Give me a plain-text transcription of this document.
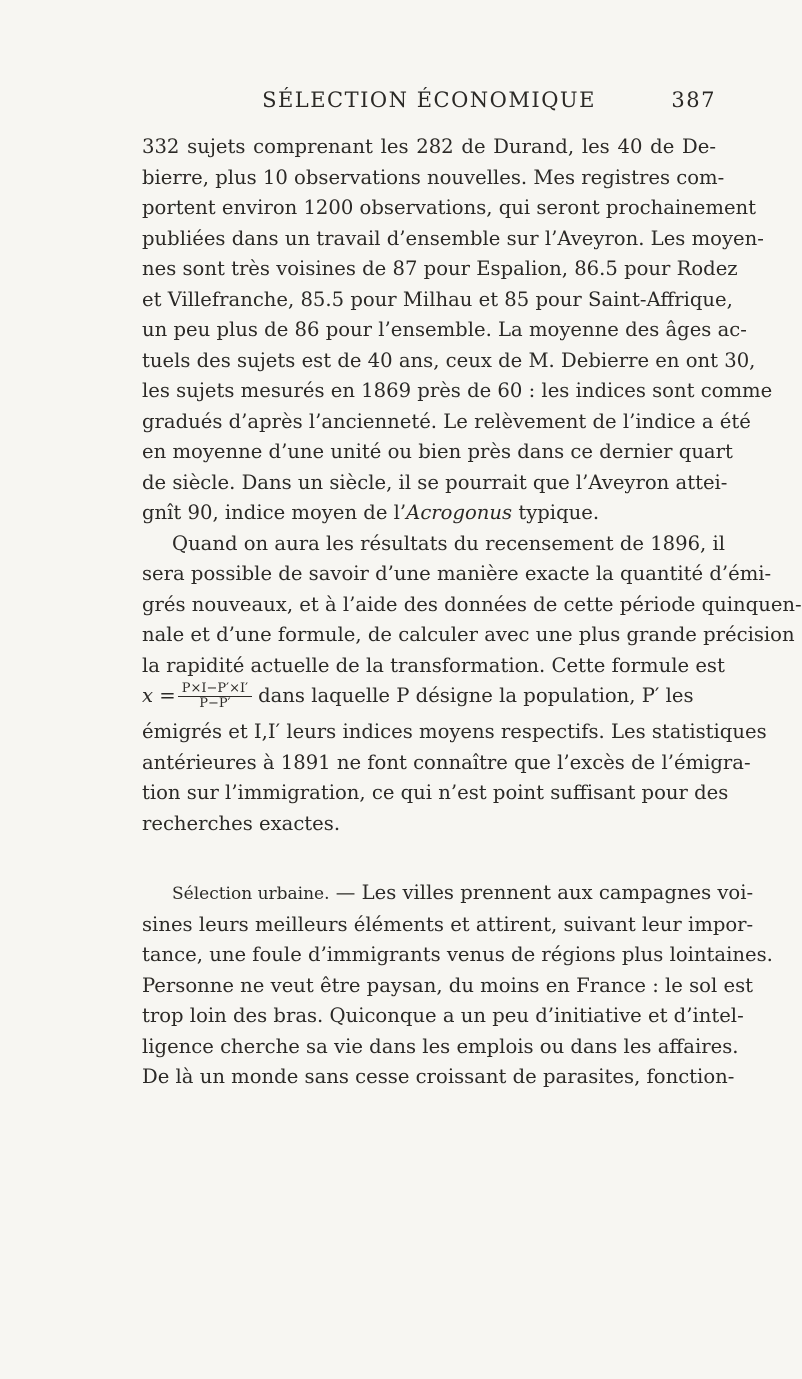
SÉLECTION ÉCONOMIQUE	387
332 sujets comprenant les 282 de Durand, les 40 de De-
bierre, plus 10 observations nouvelles. Mes registres com-
portent environ 1200 observations, qui seront prochainement
publiées dans un travail d’ensemble sur l’Aveyron. Les moyen-
nes sont très voisines de 87 pour Espalion, 86.5 pour Rodez
et Villefranche, 85.5 pour Milhau et 85 pour Saint-Affrique,
un peu plus de 86 pour l’ensemble. La moyenne des âges ac-
tuels des sujets est de 40 ans, ceux de M. Debierre en ont 30,
les sujets mesurés en 1869 près de 60 : les indices sont comme
gradués d’après l’ancienneté. Le relèvement de l’indice a été
en moyenne d’une unité ou bien près dans ce dernier quart
de siècle. Dans un siècle, il se pourrait que l’Aveyron attei-
gnît 90, indice moyen de l’Acrogonus typique.
Quand on aura les résultats du recensement de 1896, il
sera possible de savoir d’une manière exacte la quantité d’émi-
grés nouveaux, et à l’aide des données de cette période quinquen-
nale et d’une formule, de calculer avec une plus grande précision
la rapidité actuelle de la transformation. Cette formule est
$x = \frac{P\times I-P'\times I'}{P-P'}$ dans laquelle P désigne la population, P′ les
émigrés et I,I′ leurs indices moyens respectifs. Les statistiques
antérieures à 1891 ne font connaître que l’excès de l’émigra-
tion sur l’immigration, ce qui n’est point suffisant pour des
recherches exactes.
Sélection urbaine. — Les villes prennent aux campagnes voi-
sines leurs meilleurs éléments et attirent, suivant leur impor-
tance, une foule d’immigrants venus de régions plus lointaines.
Personne ne veut être paysan, du moins en France : le sol est
trop loin des bras. Quiconque a un peu d’initiative et d’intel-
ligence cherche sa vie dans les emplois ou dans les affaires.
De là un monde sans cesse croissant de parasites, fonction-
